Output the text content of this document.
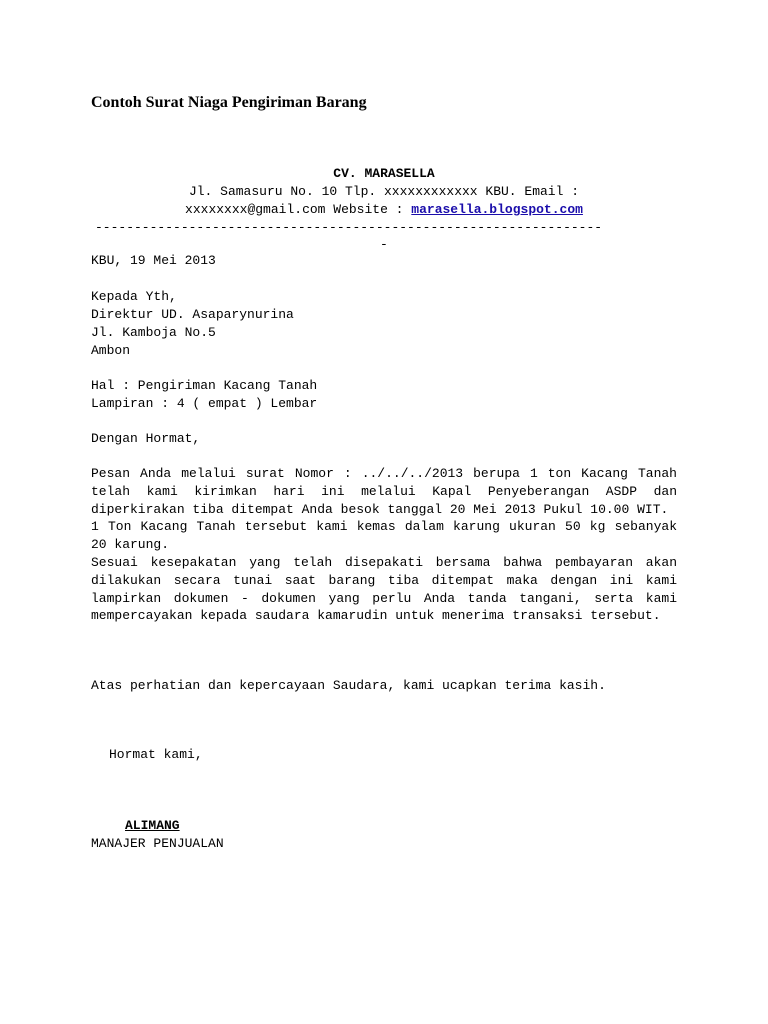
Contoh Surat Niaga Pengiriman Barang
CV. MARASELLA
Jl. Samasuru No. 10 Tlp. xxxxxxxxxxxx KBU. Email :
xxxxxxxx@gmail.com Website : marasella.blogspot.com
-----------------------------------------------------------------
-
KBU, 19 Mei 2013
Kepada Yth,
Direktur UD. Asaparynurina
Jl. Kamboja No.5
Ambon
Hal : Pengiriman Kacang Tanah
Lampiran : 4 ( empat ) Lembar
Dengan Hormat,

Pesan Anda melalui surat Nomor : ../../../2013 berupa 1 ton Kacang Tanah telah kami kirimkan hari ini melalui Kapal Penyeberangan ASDP dan diperkirakan tiba ditempat Anda besok tanggal 20 Mei 2013 Pukul 10.00 WIT.

1 Ton Kacang Tanah tersebut kami kemas dalam karung ukuran 50 kg sebanyak 20 karung.

Sesuai kesepakatan yang telah disepakati bersama bahwa pembayaran akan dilakukan secara tunai saat barang tiba ditempat maka dengan ini kami lampirkan dokumen - dokumen yang perlu Anda tanda tangani, serta kami mempercayakan kepada saudara kamarudin untuk menerima transaksi tersebut.

Atas perhatian dan kepercayaan Saudara, kami ucapkan terima kasih.

Hormat kami,
ALIMANG
MANAJER PENJUALAN
